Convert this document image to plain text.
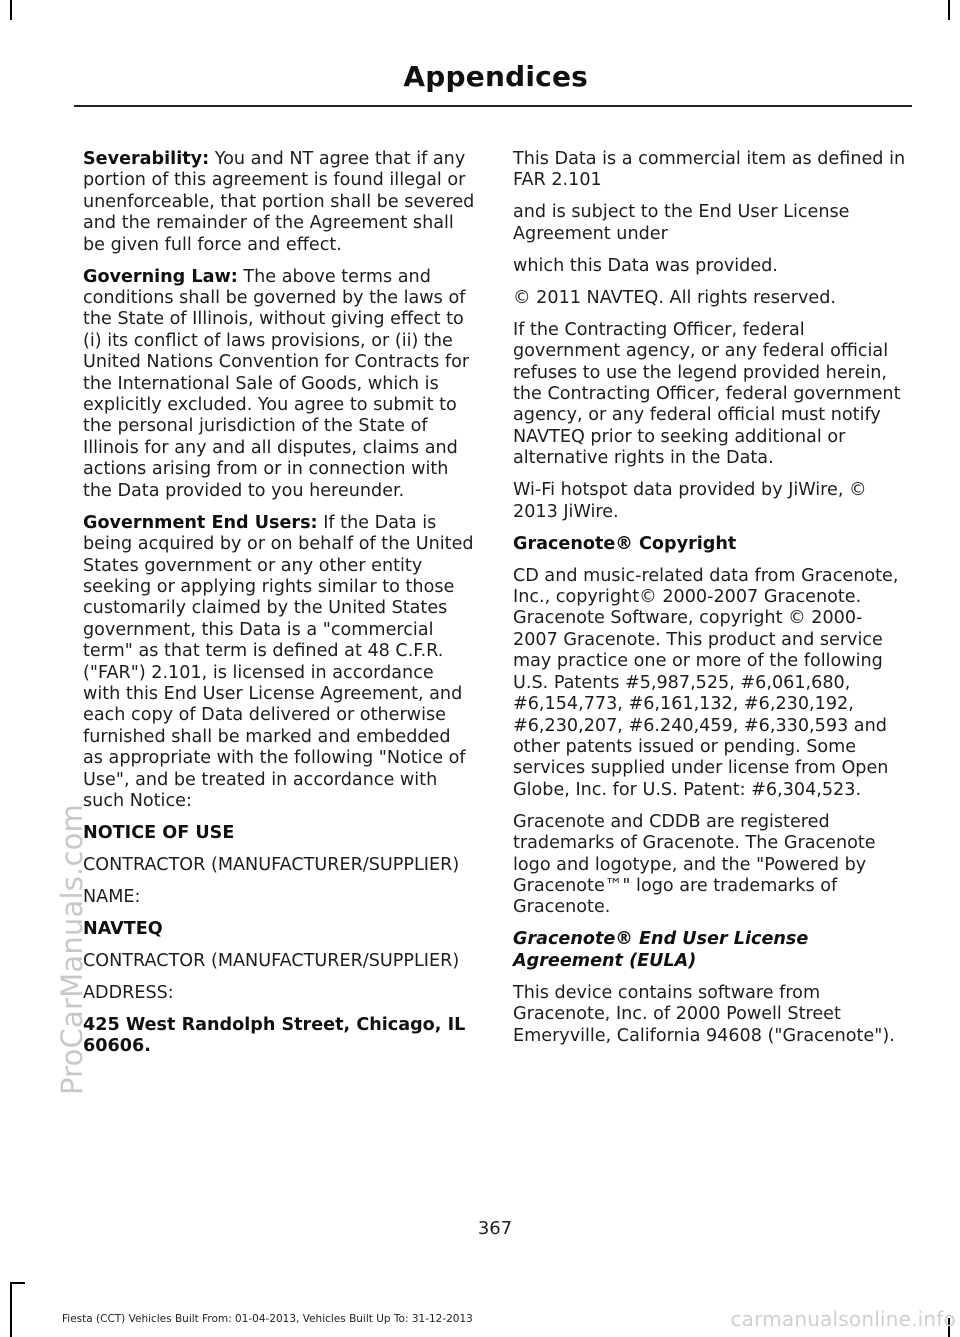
ProCarManuals.com
Appendices

Severability: You and NT agree that if any portion of this agreement is found illegal or unenforceable, that portion shall be severed and the remainder of the Agreement shall be given full force and effect.

Governing Law: The above terms and conditions shall be governed by the laws of the State of Illinois, without giving effect to (i) its conflict of laws provisions, or (ii) the United Nations Convention for Contracts for the International Sale of Goods, which is explicitly excluded. You agree to submit to the personal jurisdiction of the State of Illinois for any and all disputes, claims and actions arising from or in connection with the Data provided to you hereunder.

Government End Users: If the Data is being acquired by or on behalf of the United States government or any other entity seeking or applying rights similar to those customarily claimed by the United States government, this Data is a "commercial term" as that term is defined at 48 C.F.R. ("FAR") 2.101, is licensed in accordance with this End User License Agreement, and each copy of Data delivered or otherwise furnished shall be marked and embedded as appropriate with the following "Notice of Use", and be treated in accordance with such Notice:

NOTICE OF USE

CONTRACTOR (MANUFACTURER/SUPPLIER)

NAME:

NAVTEQ

CONTRACTOR (MANUFACTURER/SUPPLIER)

ADDRESS:

425 West Randolph Street, Chicago, IL 60606.

This Data is a commercial item as defined in FAR 2.101

and is subject to the End User License Agreement under

which this Data was provided.

© 2011 NAVTEQ. All rights reserved.

If the Contracting Officer, federal government agency, or any federal official refuses to use the legend provided herein, the Contracting Officer, federal government agency, or any federal official must notify NAVTEQ prior to seeking additional or alternative rights in the Data.

Wi-Fi hotspot data provided by JiWire, © 2013 JiWire.

Gracenote® Copyright

CD and music-related data from Gracenote, Inc., copyright© 2000-2007 Gracenote. Gracenote Software, copyright © 2000-2007 Gracenote. This product and service may practice one or more of the following U.S. Patents #5,987,525, #6,061,680, #6,154,773, #6,161,132, #6,230,192, #6,230,207, #6.240,459, #6,330,593 and other patents issued or pending. Some services supplied under license from Open Globe, Inc. for U.S. Patent: #6,304,523.

Gracenote and CDDB are registered trademarks of Gracenote. The Gracenote logo and logotype, and the "Powered by Gracenote™" logo are trademarks of Gracenote.

Gracenote® End User License Agreement (EULA)

This device contains software from Gracenote, Inc. of 2000 Powell Street Emeryville, California 94608 ("Gracenote").

367
Fiesta (CCT) Vehicles Built From: 01-04-2013, Vehicles Built Up To: 31-12-2013	carmanualsonline.info
